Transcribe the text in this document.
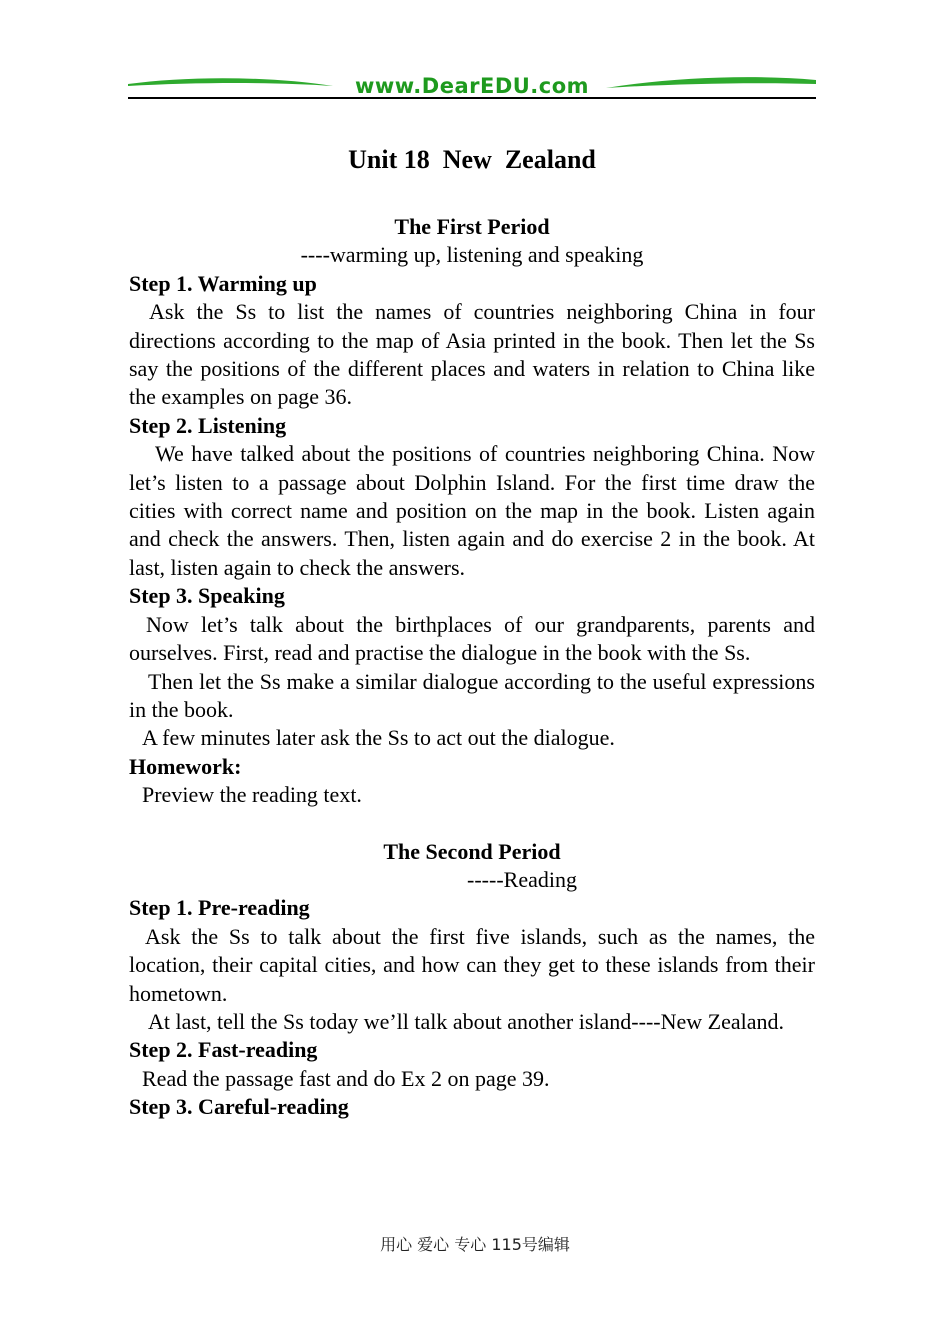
www.DearEDU.com
Unit 18  New  Zealand
The First Period
----warming up, listening and speaking
Step 1. Warming up

Ask the Ss to list the names of countries neighboring China in four directions according to the map of Asia printed in the book. Then let the Ss say the positions of the different places and waters in relation to China like the examples on page 36.

Step 2. Listening

We have talked about the positions of countries neighboring China. Now let’s listen to a passage about Dolphin Island. For the first time draw the cities with correct name and position on the map in the book. Listen again and check the answers. Then, listen again and do exercise 2 in the book. At last, listen again to check the answers.

Step 3. Speaking

Now let’s talk about the birthplaces of our grandparents, parents and ourselves. First, read and practise the dialogue in the book with the Ss.

Then let the Ss make a similar dialogue according to the useful expressions in the book.

A few minutes later ask the Ss to act out the dialogue.

Homework:

Preview the reading text.

The Second Period
-----Reading
Step 1. Pre-reading

Ask the Ss to talk about the first five islands, such as the names, the location, their capital cities, and how can they get to these islands from their hometown.

At last, tell the Ss today we’ll talk about another island----New Zealand.

Step 2. Fast-reading

Read the passage fast and do Ex 2 on page 39.

Step 3. Careful-reading
用心 爱心 专心 115号编辑
